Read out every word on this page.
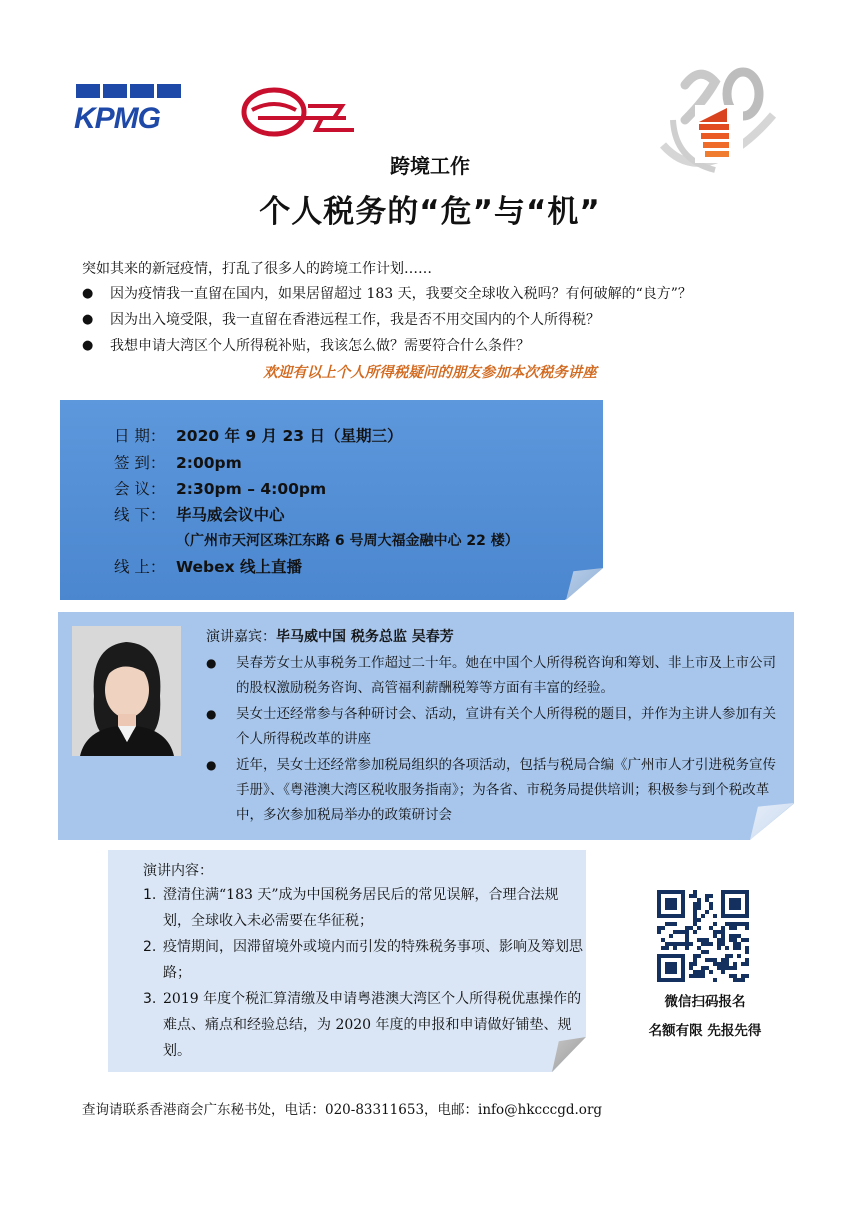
KPMG
跨境工作
个人税务的“危”与“机”
突如其来的新冠疫情，打乱了很多人的跨境工作计划……
● 因为疫情我一直留在国内，如果居留超过 183 天，我要交全球收入税吗？有何破解的“良方”？
● 因为出入境受限，我一直留在香港远程工作，我是否不用交国内的个人所得税？
● 我想申请大湾区个人所得税补贴，我该怎么做？需要符合什么条件？
欢迎有以上个人所得税疑问的朋友参加本次税务讲座
日 期： 2020 年 9 月 23 日（星期三）
签 到： 2:00pm
会 议： 2:30pm – 4:00pm
线 下： 毕马威会议中心
（广州市天河区珠江东路 6 号周大福金融中心 22 楼）
线 上： Webex 线上直播
演讲嘉宾：毕马威中国 税务总监 吴春芳
● 吴春芳女士从事税务工作超过二十年。她在中国个人所得税咨询和筹划、非上市及上市公司的股权激励税务咨询、高管福利薪酬税筹等方面有丰富的经验。
● 吴女士还经常参与各种研讨会、活动，宣讲有关个人所得税的题目，并作为主讲人参加有关个人所得税改革的讲座
● 近年，吴女士还经常参加税局组织的各项活动，包括与税局合编《广州市人才引进税务宣传手册》、《粤港澳大湾区税收服务指南》；为各省、市税务局提供培训；积极参与到个税改革中，多次参加税局举办的政策研讨会
演讲内容：
1. 澄清住满“183 天”成为中国税务居民后的常见误解，合理合法规划，全球收入未必需要在华征税；
2. 疫情期间，因滞留境外或境内而引发的特殊税务事项、影响及筹划思路；
3. 2019 年度个税汇算清缴及申请粤港澳大湾区个人所得税优惠操作的难点、痛点和经验总结，为 2020 年度的申报和申请做好铺垫、规划。
微信扫码报名
名额有限 先报先得
查询请联系香港商会广东秘书处，电话：020-83311653，电邮：info@hkcccgd.org
